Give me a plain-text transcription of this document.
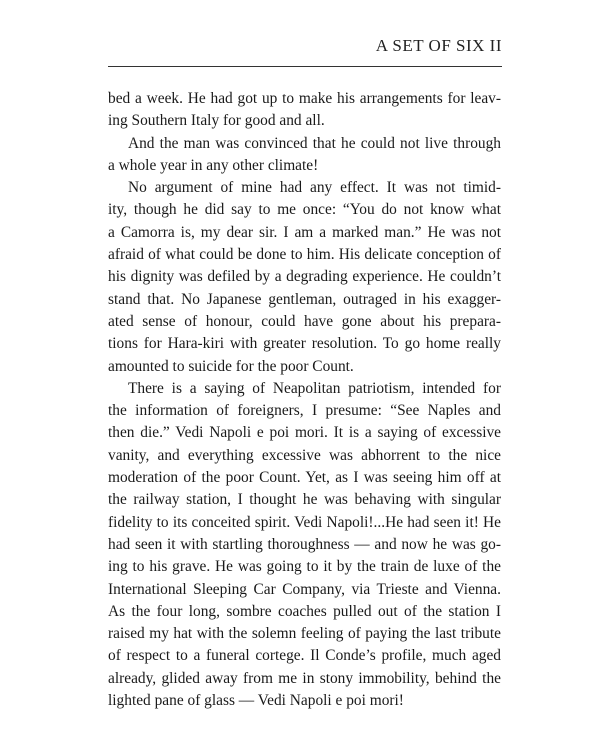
A SET OF SIX II

bed a week. He had got up to make his arrangements for leav-
ing Southern Italy for good and all.

And the man was convinced that he could not live through
a whole year in any other climate!

No argument of mine had any effect. It was not timid-
ity, though he did say to me once: “You do not know what
a Camorra is, my dear sir. I am a marked man.” He was not
afraid of what could be done to him. His delicate conception of
his dignity was defiled by a degrading experience. He couldn’t
stand that. No Japanese gentleman, outraged in his exagger-
ated sense of honour, could have gone about his prepara-
tions for Hara-kiri with greater resolution. To go home really
amounted to suicide for the poor Count.

There is a saying of Neapolitan patriotism, intended for
the information of foreigners, I presume: “See Naples and
then die.” Vedi Napoli e poi mori. It is a saying of excessive
vanity, and everything excessive was abhorrent to the nice
moderation of the poor Count. Yet, as I was seeing him off at
the railway station, I thought he was behaving with singular
fidelity to its conceited spirit. Vedi Napoli!...He had seen it! He
had seen it with startling thoroughness — and now he was go-
ing to his grave. He was going to it by the train de luxe of the
International Sleeping Car Company, via Trieste and Vienna.
As the four long, sombre coaches pulled out of the station I
raised my hat with the solemn feeling of paying the last tribute
of respect to a funeral cortege. Il Conde’s profile, much aged
already, glided away from me in stony immobility, behind the
lighted pane of glass — Vedi Napoli e poi mori!
